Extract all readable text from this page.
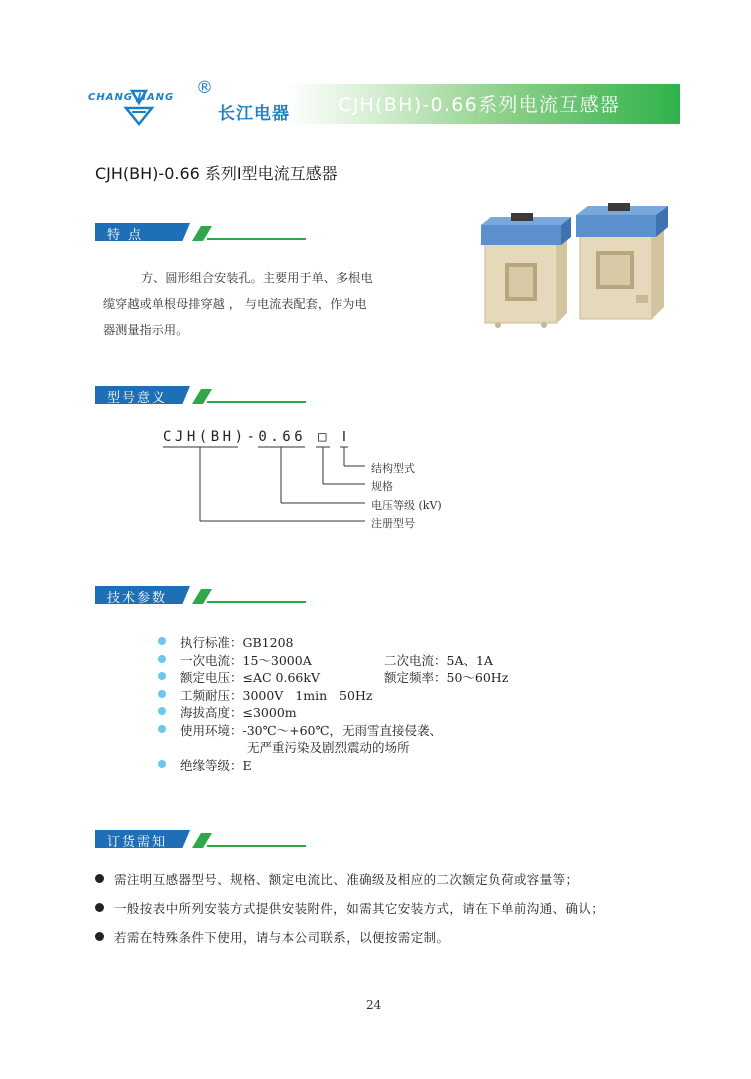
CJH(BH)-0.66系列电流互感器
CHANG JIANG ®
长江电器
CJH(BH)-0.66 系列Ⅰ型电流互感器
特 点
方、圆形组合安装孔。主要用于单、多根电
缆穿越或单根母排穿越 ， 与电流表配套，作为电
器测量指示用。
型号意义
CJH(BH)-0.66 □ Ⅰ
结构型式
规格
电压等级 (kV)
注册型号
技术参数
执行标准：GB1208
一次电流：15～3000A	二次电流：5A、1A
额定电压：≤AC 0.66kV	额定频率：50～60Hz
工频耐压：3000V   1min   50Hz
海拔高度：≤3000m
使用环境：-30℃～+60℃，无雨雪直接侵袭、
无严重污染及剧烈震动的场所
绝缘等级：E
订货需知
需注明互感器型号、规格、额定电流比、准确级及相应的二次额定负荷或容量等；
一般按表中所列安装方式提供安装附件，如需其它安装方式，请在下单前沟通、确认；
若需在特殊条件下使用，请与本公司联系，以便按需定制。
24
